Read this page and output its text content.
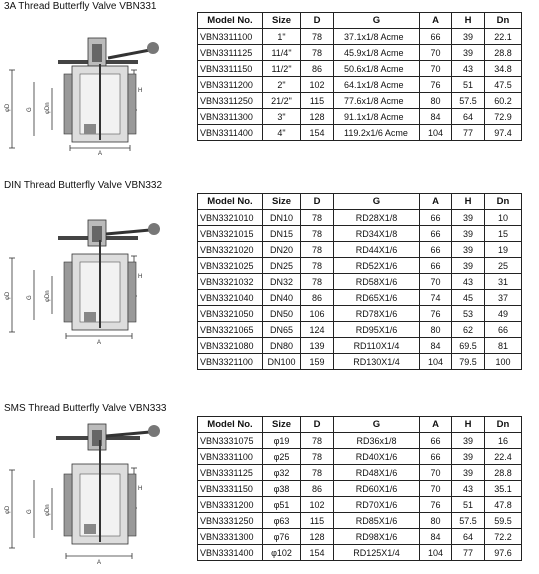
3A Thread Butterfly Valve VBN331
φD	G φDn
H
A
Model No.	Size	D	G	A	H	Dn
VBN3311100	1"	78	37.1x1/8 Acme	66	39	22.1
VBN3311125	11/4"	78	45.9x1/8 Acme	70	39	28.8
VBN3311150	11/2"	86	50.6x1/8 Acme	70	43	34.8
VBN3311200	2"	102	64.1x1/8 Acme	76	51	47.5
VBN3311250	21/2"	115	77.6x1/8 Acme	80	57.5	60.2
VBN3311300	3"	128	91.1x1/8 Acme	84	64	72.9
VBN3311400	4"	154	119.2x1/6 Acme	104	77	97.4
DIN Thread Butterfly Valve VBN332
φD	G φDn
H
A
Model No.	Size	D	G	A	H	Dn
VBN3321010	DN10	78	RD28X1/8	66	39	10
VBN3321015	DN15	78	RD34X1/8	66	39	15
VBN3321020	DN20	78	RD44X1/6	66	39	19
VBN3321025	DN25	78	RD52X1/6	66	39	25
VBN3321032	DN32	78	RD58X1/6	70	43	31
VBN3321040	DN40	86	RD65X1/6	74	45	37
VBN3321050	DN50	106	RD78X1/6	76	53	49
VBN3321065	DN65	124	RD95X1/6	80	62	66
VBN3321080	DN80	139	RD110X1/4	84	69.5	81
VBN3321100	DN100	159	RD130X1/4	104	79.5	100
SMS Thread Butterfly Valve VBN333
φD	G φDn
H
A
Model No.	Size	D	G	A	H	Dn
VBN3331075	φ19	78	RD36x1/8	66	39	16
VBN3331100	φ25	78	RD40X1/6	66	39	22.4
VBN3331125	φ32	78	RD48X1/6	70	39	28.8
VBN3331150	φ38	86	RD60X1/6	70	43	35.1
VBN3331200	φ51	102	RD70X1/6	76	51	47.8
VBN3331250	φ63	115	RD85X1/6	80	57.5	59.5
VBN3331300	φ76	128	RD98X1/6	84	64	72.2
VBN3331400	φ102	154	RD125X1/4	104	77	97.6
